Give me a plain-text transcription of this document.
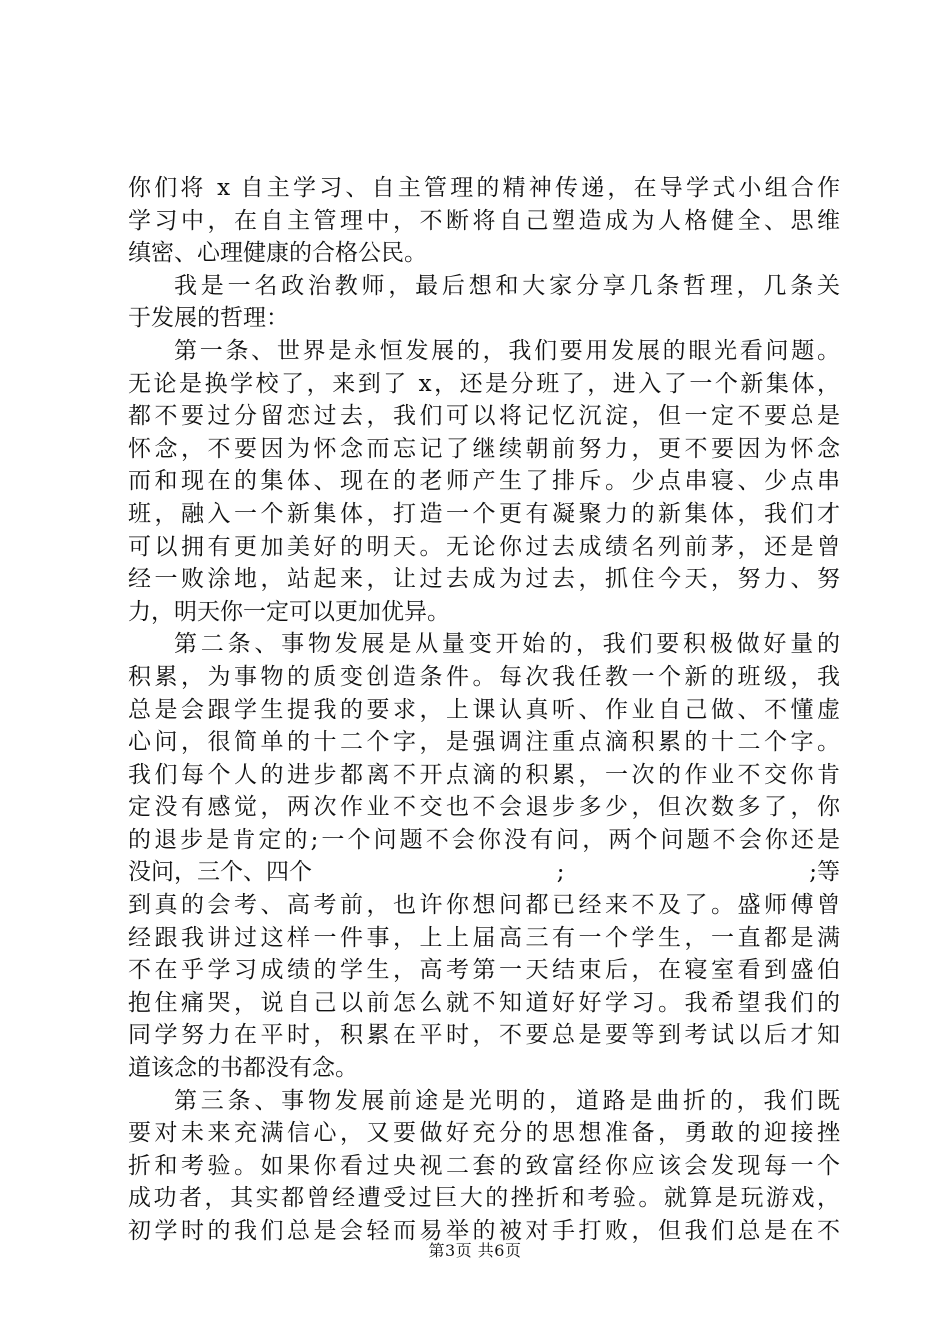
你们将 x 自主学习、自主管理的精神传递，在导学式小组合作
学习中，在自主管理中，不断将自己塑造成为人格健全、思维
缜密、心理健康的合格公民。
我是一名政治教师，最后想和大家分享几条哲理，几条关
于发展的哲理：
第一条、世界是永恒发展的，我们要用发展的眼光看问题。
无论是换学校了，来到了 x，还是分班了，进入了一个新集体，
都不要过分留恋过去，我们可以将记忆沉淀，但一定不要总是
怀念，不要因为怀念而忘记了继续朝前努力，更不要因为怀念
而和现在的集体、现在的老师产生了排斥。少点串寝、少点串
班，融入一个新集体，打造一个更有凝聚力的新集体，我们才
可以拥有更加美好的明天。无论你过去成绩名列前茅，还是曾
经一败涂地，站起来，让过去成为过去，抓住今天，努力、努
力，明天你一定可以更加优异。
第二条、事物发展是从量变开始的，我们要积极做好量的
积累，为事物的质变创造条件。每次我任教一个新的班级，我
总是会跟学生提我的要求，上课认真听、作业自己做、不懂虚
心问，很简单的十二个字，是强调注重点滴积累的十二个字。
我们每个人的进步都离不开点滴的积累，一次的作业不交你肯
定没有感觉，两次作业不交也不会退步多少，但次数多了，你
的退步是肯定的;一个问题不会你没有问，两个问题不会你还是
没问，三个、四个	;	;等
到真的会考、高考前，也许你想问都已经来不及了。盛师傅曾
经跟我讲过这样一件事，上上届高三有一个学生，一直都是满
不在乎学习成绩的学生，高考第一天结束后，在寝室看到盛伯
抱住痛哭，说自己以前怎么就不知道好好学习。我希望我们的
同学努力在平时，积累在平时，不要总是要等到考试以后才知
道该念的书都没有念。
第三条、事物发展前途是光明的，道路是曲折的，我们既
要对未来充满信心，又要做好充分的思想准备，勇敢的迎接挫
折和考验。如果你看过央视二套的致富经你应该会发现每一个
成功者，其实都曾经遭受过巨大的挫折和考验。就算是玩游戏，
初学时的我们总是会轻而易举的被对手打败，但我们总是在不
第3页 共6页
